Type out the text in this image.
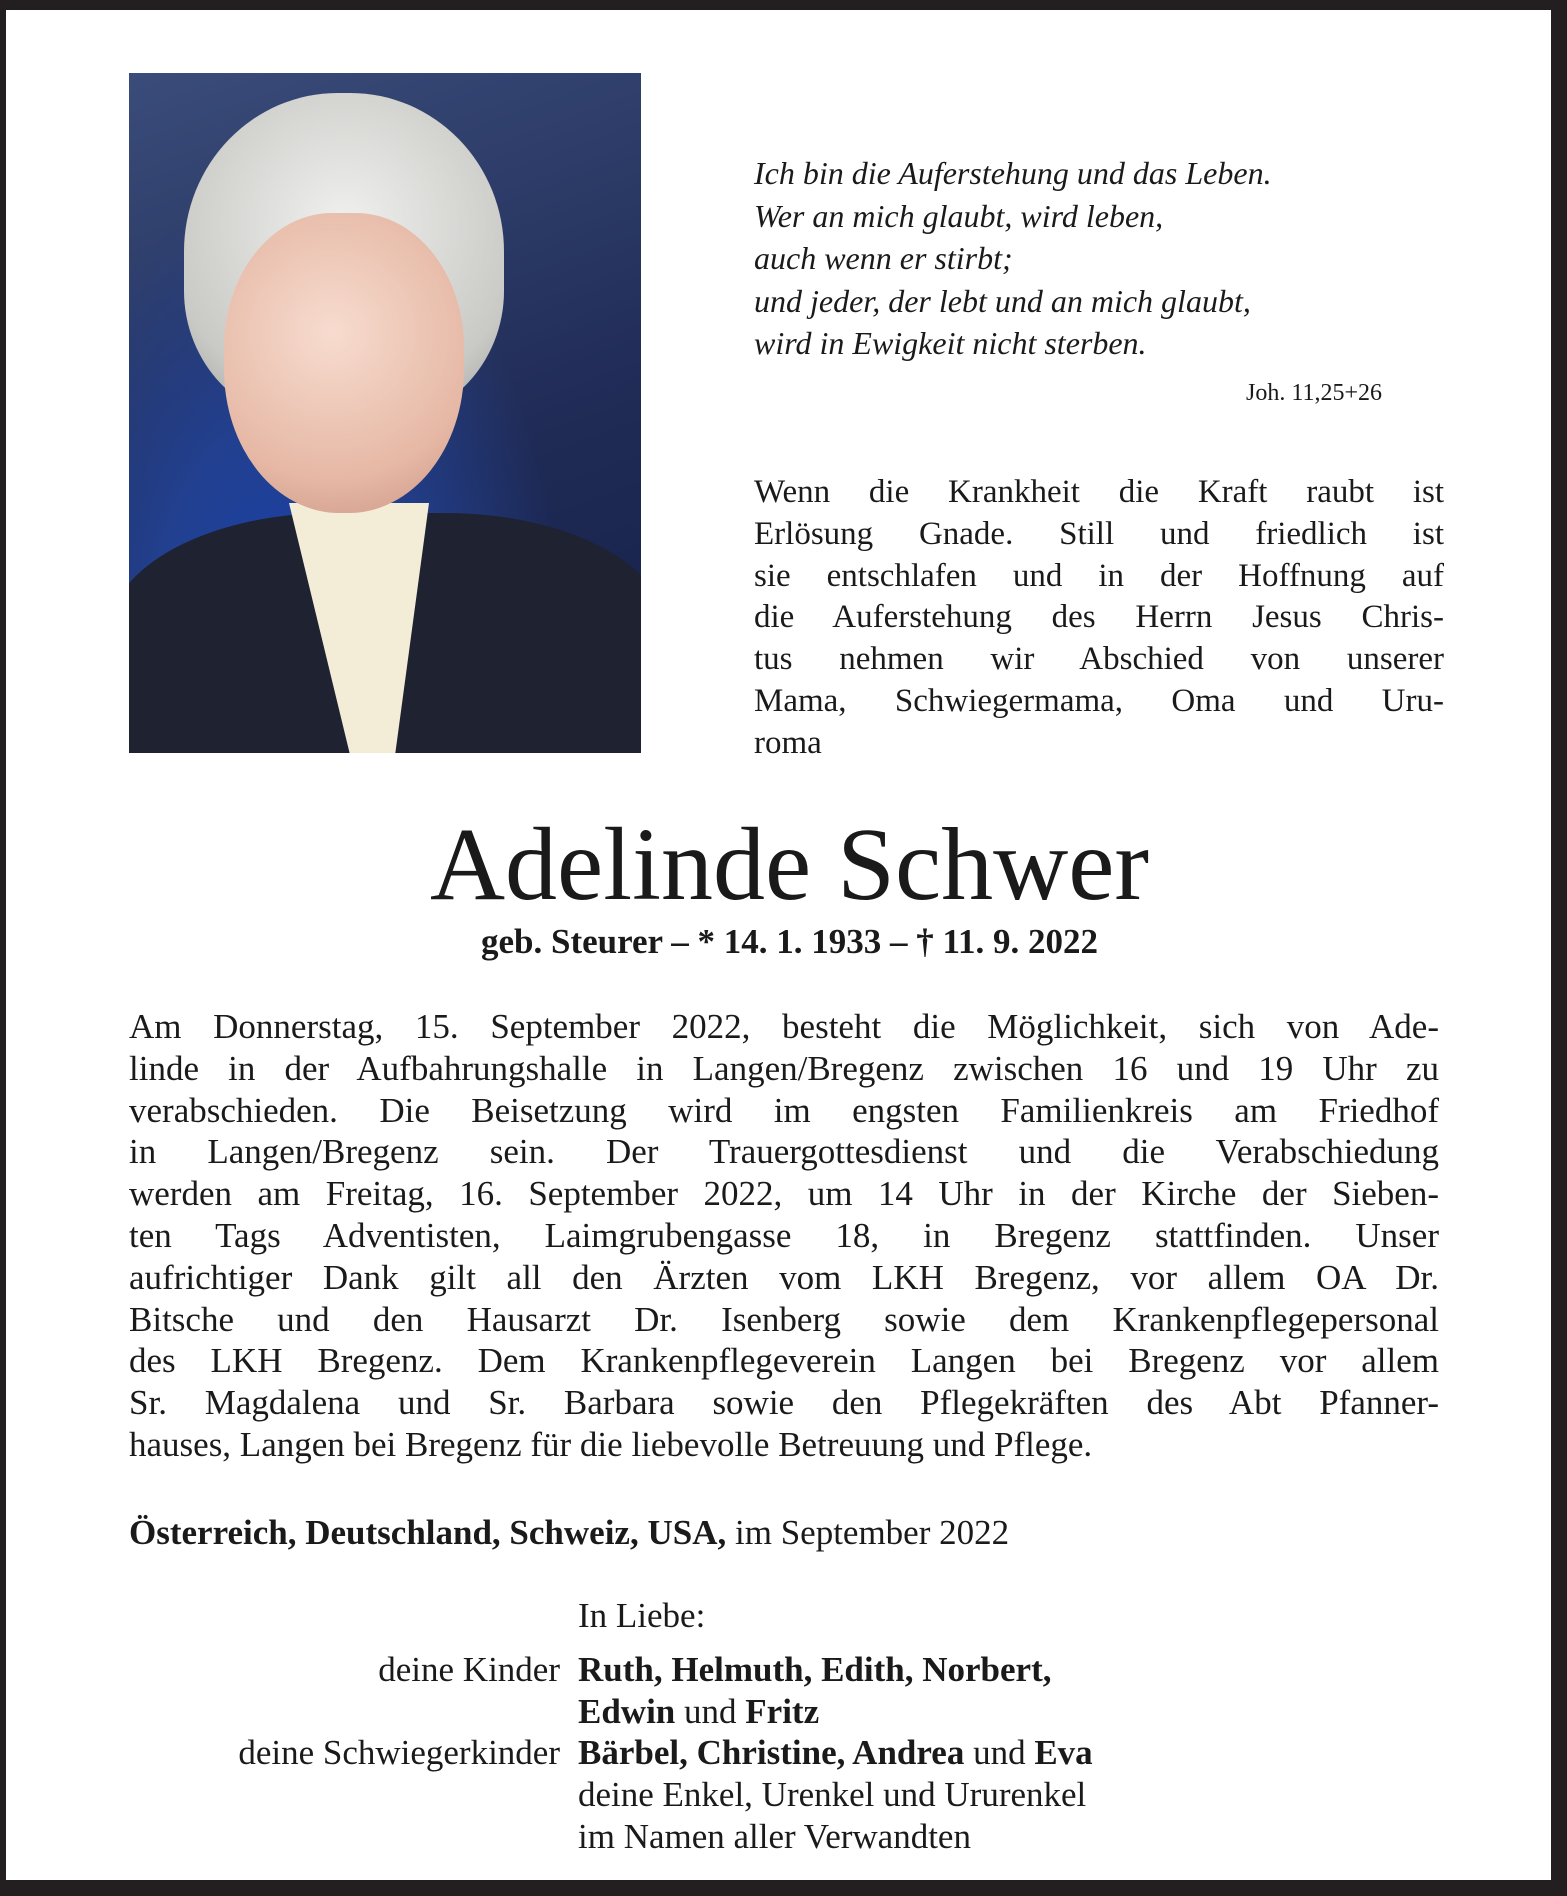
Ich bin die Auferstehung und das Leben.
Wer an mich glaubt, wird leben,
auch wenn er stirbt;
und jeder, der lebt und an mich glaubt,
wird in Ewigkeit nicht sterben.
Joh. 11,25+26
Wenn die Krankheit die Kraft raubt ist
Erlösung Gnade. Still und friedlich ist
sie entschlafen und in der Hoffnung auf
die Auferstehung des Herrn Jesus Chris-
tus nehmen wir Abschied von unserer
Mama, Schwiegermama, Oma und Uru-
roma
Adelinde Schwer
geb. Steurer – * 14. 1. 1933 – † 11. 9. 2022
Am Donnerstag, 15. September 2022, besteht die Möglichkeit, sich von Ade-
linde in der Aufbahrungshalle in Langen/Bregenz zwischen 16 und 19 Uhr zu
verabschieden. Die Beisetzung wird im engsten Familienkreis am Friedhof
in Langen/Bregenz sein. Der Trauergottesdienst und die Verabschiedung
werden am Freitag, 16. September 2022, um 14 Uhr in der Kirche der Sieben-
ten Tags Adventisten, Laimgrubengasse 18, in Bregenz stattfinden. Unser
aufrichtiger Dank gilt all den Ärzten vom LKH Bregenz, vor allem OA Dr.
Bitsche und den Hausarzt Dr. Isenberg sowie dem Krankenpflegepersonal
des LKH Bregenz. Dem Krankenpflegeverein Langen bei Bregenz vor allem
Sr. Magdalena und Sr. Barbara sowie den Pflegekräften des Abt Pfanner-
hauses, Langen bei Bregenz für die liebevolle Betreuung und Pflege.
Österreich, Deutschland, Schweiz, USA, im September 2022
In Liebe:
deine Kinder Ruth, Helmuth, Edith, Norbert,
Edwin und Fritz
deine Schwiegerkinder Bärbel, Christine, Andrea und Eva
deine Enkel, Urenkel und Ururenkel
im Namen aller Verwandten
